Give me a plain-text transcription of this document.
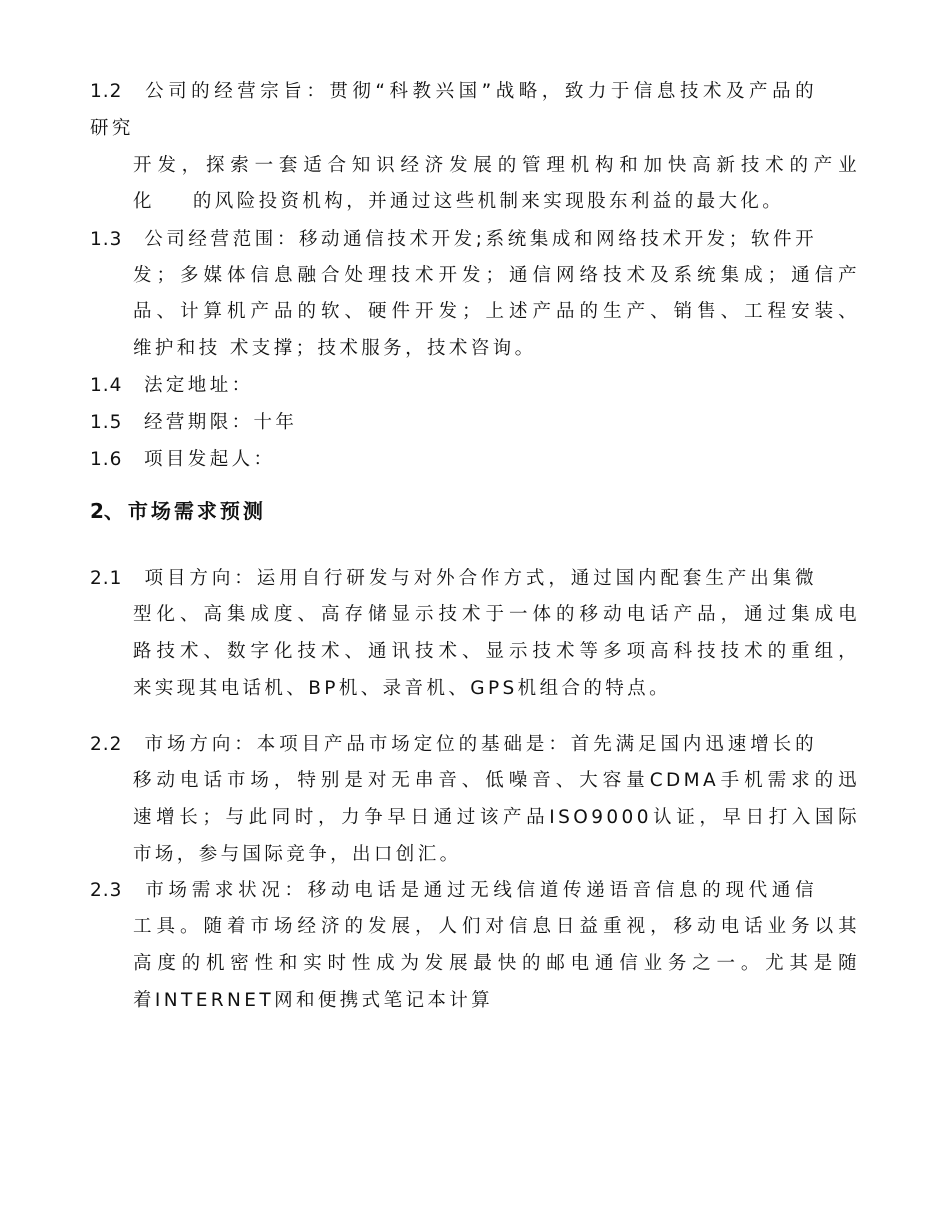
1.2 公司的经营宗旨：贯彻“科教兴国”战略，致力于信息技术及产品的
研究
开发，探索一套适合知识经济发展的管理机构和加快高新技术的产业
化 的风险投资机构，并通过这些机制来实现股东利益的最大化。
1.3 公司经营范围：移动通信技术开发;系统集成和网络技术开发；软件开
发；多媒体信息融合处理技术开发；通信网络技术及系统集成；通信产
品、计算机产品的软、硬件开发；上述产品的生产、销售、工程安装、
维护和技 术支撑；技术服务，技术咨询。
1.4 法定地址：
1.5 经营期限：十年
1.6 项目发起人：
2、 市场需求预测
2.1 项目方向：运用自行研发与对外合作方式，通过国内配套生产出集微
型化、高集成度、高存储显示技术于一体的移动电话产品，通过集成电
路技术、数字化技术、通讯技术、显示技术等多项高科技技术的重组，
来实现其电话机、BP机、录音机、GPS机组合的特点。
2.2 市场方向：本项目产品市场定位的基础是：首先满足国内迅速增长的
移动电话市场，特别是对无串音、低噪音、大容量CDMA手机需求的迅
速增长；与此同时，力争早日通过该产品ISO9000认证，早日打入国际
市场，参与国际竞争，出口创汇。
2.3 市场需求状况：移动电话是通过无线信道传递语音信息的现代通信
工具。随着市场经济的发展，人们对信息日益重视，移动电话业务以其
高度的机密性和实时性成为发展最快的邮电通信业务之一。尤其是随
着INTERNET网和便携式笔记本计算
